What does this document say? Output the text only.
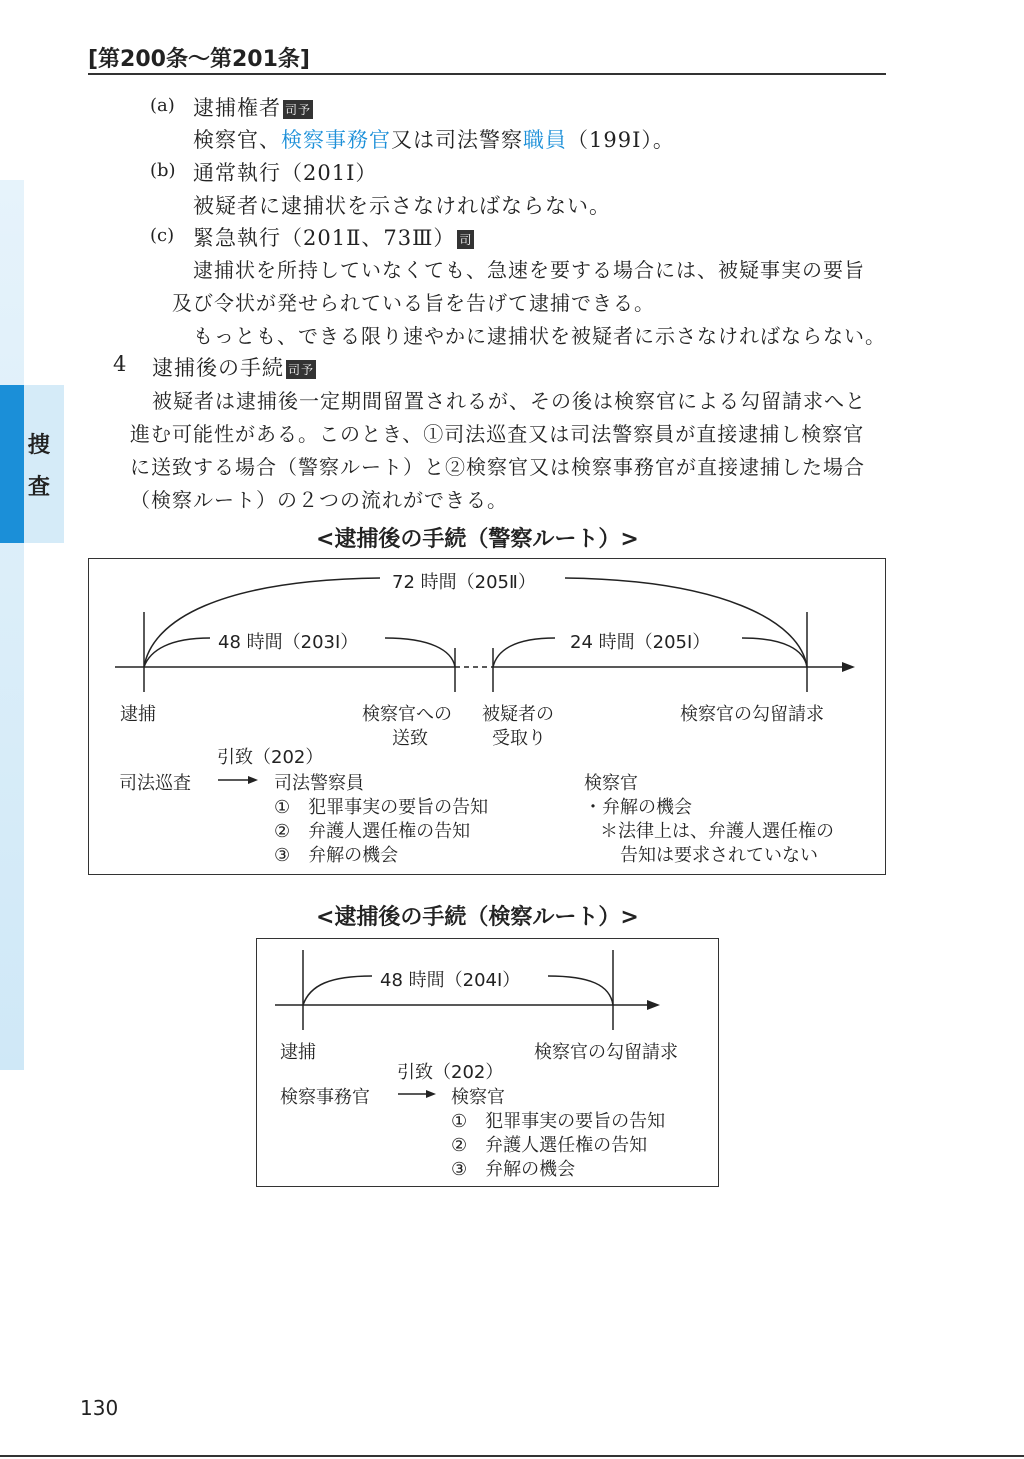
捜
査
[第200条～第201条]
(a) 逮捕権者 司予
検察官、検察事務官又は司法警察職員（199Ⅰ）。
(b) 通常執行（201Ⅰ）
被疑者に逮捕状を示さなければならない。
(c) 緊急執行（201Ⅱ、73Ⅲ） 司
逮捕状を所持していなくても、急速を要する場合には、被疑事実の要旨
及び令状が発せられている旨を告げて逮捕できる。
もっとも、できる限り速やかに逮捕状を被疑者に示さなければならない。
4 逮捕後の手続 司予
被疑者は逮捕後一定期間留置されるが、その後は検察官による勾留請求へと
進む可能性がある。このとき、①司法巡査又は司法警察員が直接逮捕し検察官
に送致する場合（警察ルート）と②検察官又は検察事務官が直接逮捕した場合
（検察ルート）の２つの流れができる。
<逮捕後の手続（警察ルート）>
72 時間（205Ⅱ）
48 時間（203Ⅰ）	24 時間（205Ⅰ）
逮捕	検察官への
送致
被疑者の
受取り
検察官の勾留請求
引致（202）
司法巡査	司法警察員
①　犯罪事実の要旨の告知
②　弁護人選任権の告知
③　弁解の機会
検察官
・弁解の機会
＊法律上は、弁護人選任権の
告知は要求されていない
<逮捕後の手続（検察ルート）>
48 時間（204Ⅰ）
逮捕	検察官の勾留請求
引致（202）
検察事務官	検察官
①　犯罪事実の要旨の告知
②　弁護人選任権の告知
③　弁解の機会
130
